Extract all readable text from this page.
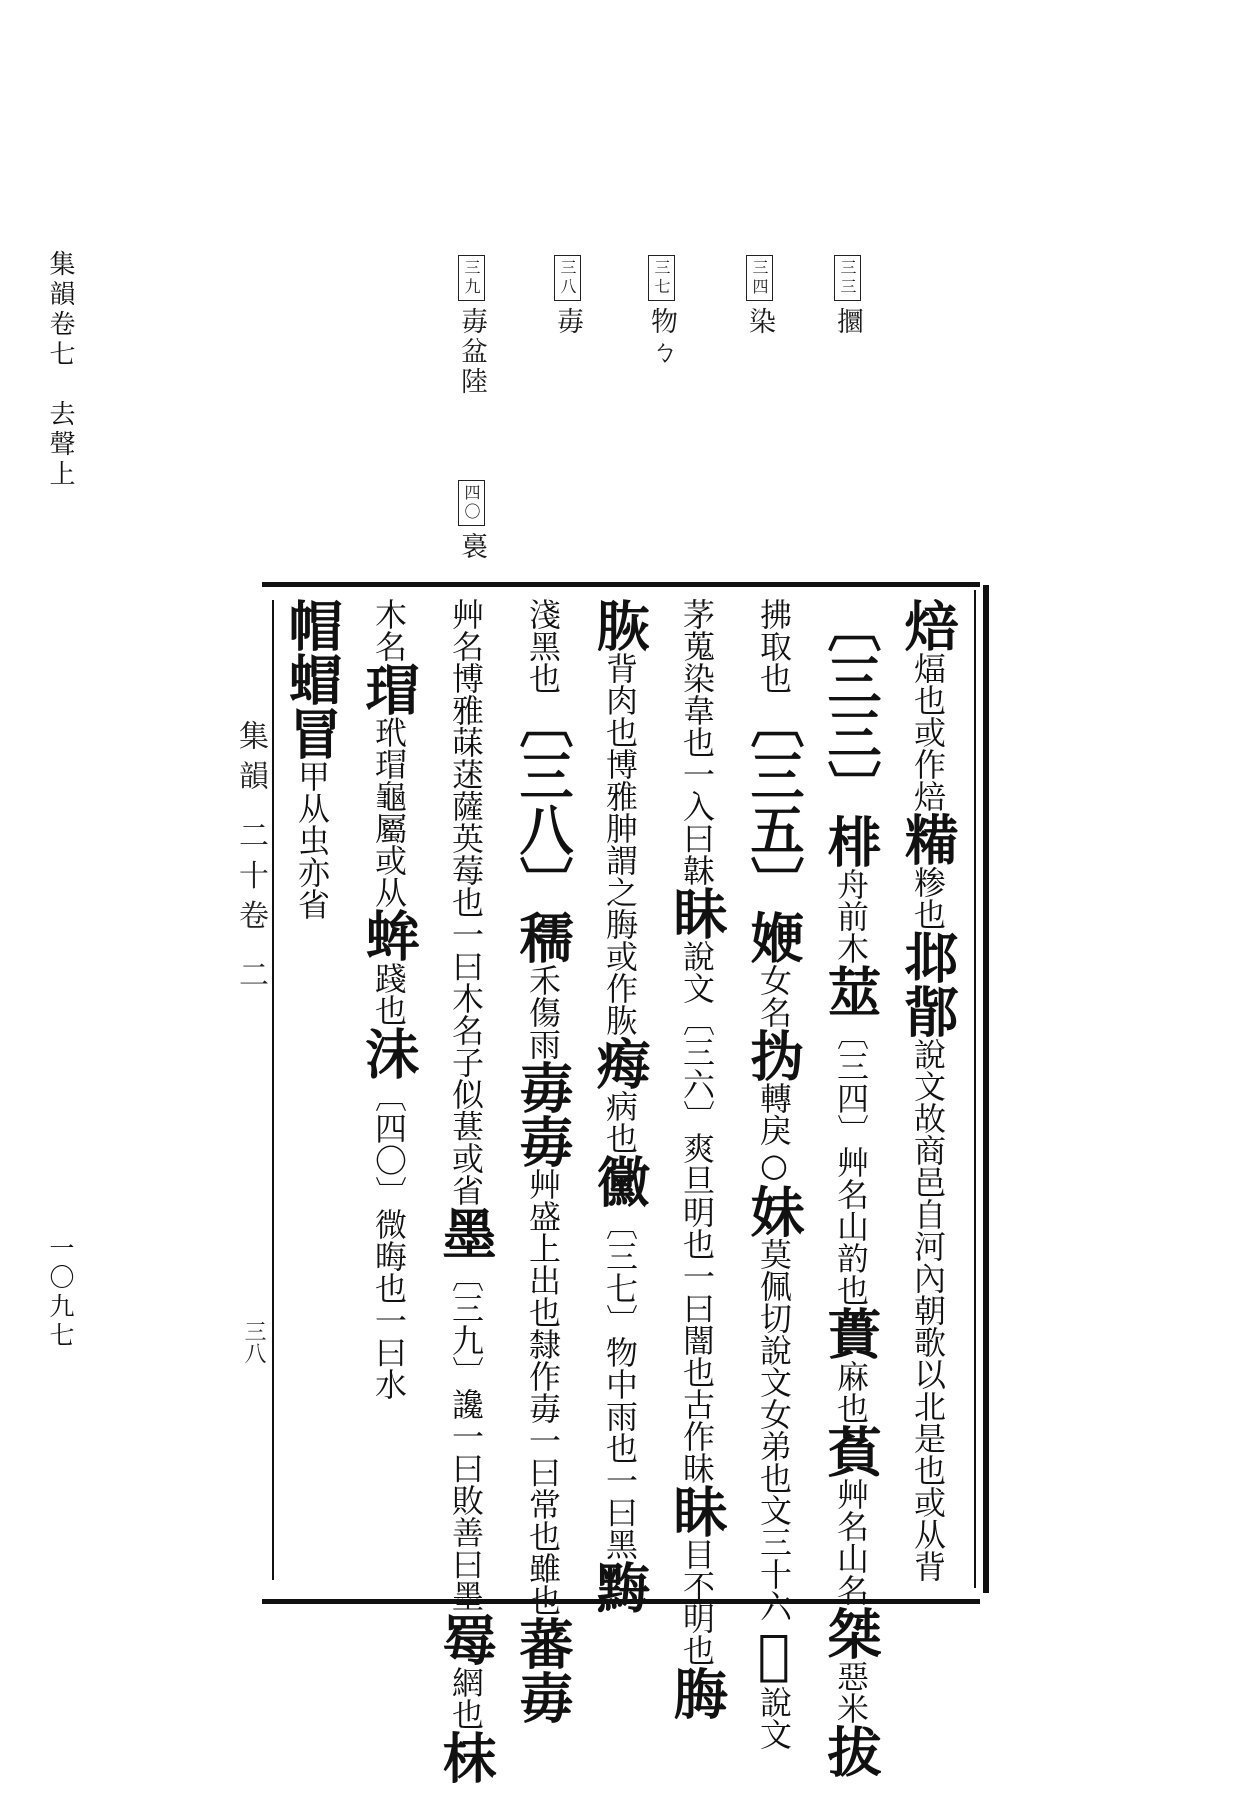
集韻卷七　去聲上
一〇九七
三三攌
三四染
三七物ㄅ
三八毐
三九毐盆陸
四〇裛
集韻 二十卷 二
三八
焙煏也或作焙糒糁也邶鄁說文故商邑自河內朝歌以北是也或从背
〔三三〕棑舟前木莁〔三四〕艸名山䪨也蕢麻也萯艸名山名桀惡米拔
拂取也〔三五〕㛹女名㧑轉戾○妹莫佩切說文女弟也文三十六𩏿說文
茅蒐染韋也一入曰韎眛說文〔三六〕爽旦明也一曰闇也古作昧眛目不明也脢
脄背肉也博雅胂謂之脢或作脄痗病也黴〔三七〕物中雨也一曰黑黣
淺黑也〔三八〕穤禾傷雨毐毐艸盛上出也隸作毐一曰常也雖也蕃毐
艸名博雅菋蒁薩英莓也一曰木名子似葚或省墨〔三九〕讒一曰敗善曰墨䍙網也枺
木名瑁玳瑁龜屬或从蛑踐也沬〔四〇〕微晦也一曰水
帽蝐冒甲从虫亦省
